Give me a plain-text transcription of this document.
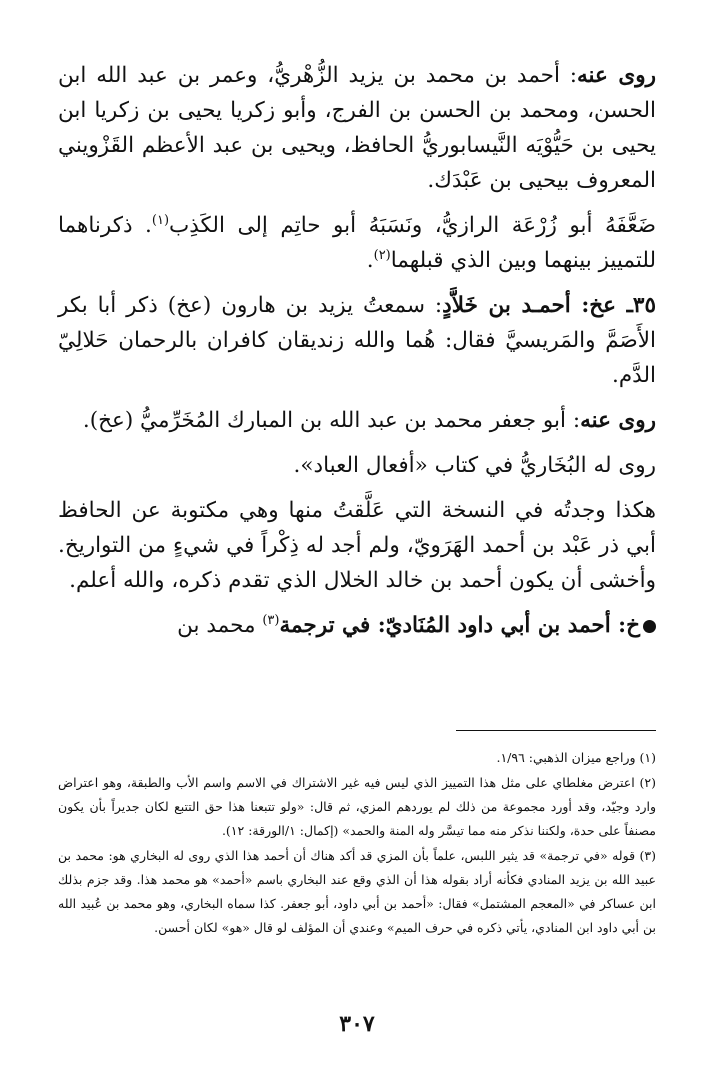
روى عنه: أحمد بن محمد بن يزيد الزُّهْريُّ، وعمر بن عبد الله ابن الحسن، ومحمد بن الحسن بن الفرج، وأبو زكريا يحيى بن زكريا ابن يحيى بن حَيُّوْيَه النَّيسابوريُّ الحافظ، ويحيى بن عبد الأعظم القَزْويني المعروف بيحيى بن عَبْدَك.

ضَعَّفَهُ أبو زُرْعَة الرازيُّ، ونَسَبَهُ أبو حاتِم إلى الكَذِب$^{(١)}$. ذكرناهما للتمييز بينهما وبين الذي قبلهما$^{(٢)}$.

٣٥ـ عخ: أحمـد بن خَلاَّدٍ: سمعتُ يزيد بن هارون (عخ) ذكر أبا بكر الأَصَمَّ والمَريسيَّ فقال: هُما والله زنديقان كافران بالرحمان حَلالِيّ الدَّم.

روى عنه: أبو جعفر محمد بن عبد الله بن المبارك المُخَرِّميُّ (عخ).

روى له البُخَاريُّ في كتاب «أفعال العباد».

هكذا وجدتُه في النسخة التي عَلَّقتُ منها وهي مكتوبة عن الحافظ أبي ذر عَبْد بن أحمد الهَرَويّ، ولم أجد له ذِكْراً في شيءٍ من التواريخ. وأخشى أن يكون أحمد بن خالد الخلال الذي تقدم ذكره، والله أعلم.

خ: أحمد بن أبي داود المُنَاديّ: في ترجمة$^{(٣)}$ محمد بن

(١) وراجع ميزان الذهبي: ١/٩٦.

(٢) اعترض مغلطاي على مثل هذا التمييز الذي ليس فيه غير الاشتراك في الاسم واسم الأب والطبقة، وهو اعتراض وارد وجيّد، وقد أورد مجموعة من ذلك لم يوردهم المزي، ثم قال: «ولو تتبعنا هذا حق التتبع لكان جديراً بأن يكون مصنفاً على حدة، ولكننا نذكر منه مما تيسَّر وله المنة والحمد» (إكمال: ١/الورقة: ١٢).

(٣) قوله «في ترجمة» قد يثير اللبس، علماً بأن المزي قد أكد هناك أن أحمد هذا الذي روى له البخاري هو: محمد بن عبيد الله بن يزيد المنادي فكأنه أراد بقوله هذا أن الذي وقع عند البخاري باسم «أحمد» هو محمد هذا. وقد جزم بذلك ابن عساكر في «المعجم المشتمل» فقال: «أحمد بن أبي داود، أبو جعفر. كذا سماه البخاري، وهو محمد بن عُبيد الله بن أبي داود ابن المنادي، يأتي ذكره في حرف الميم» وعندي أن المؤلف لو قال «هو» لكان أحسن.

٣٠٧
